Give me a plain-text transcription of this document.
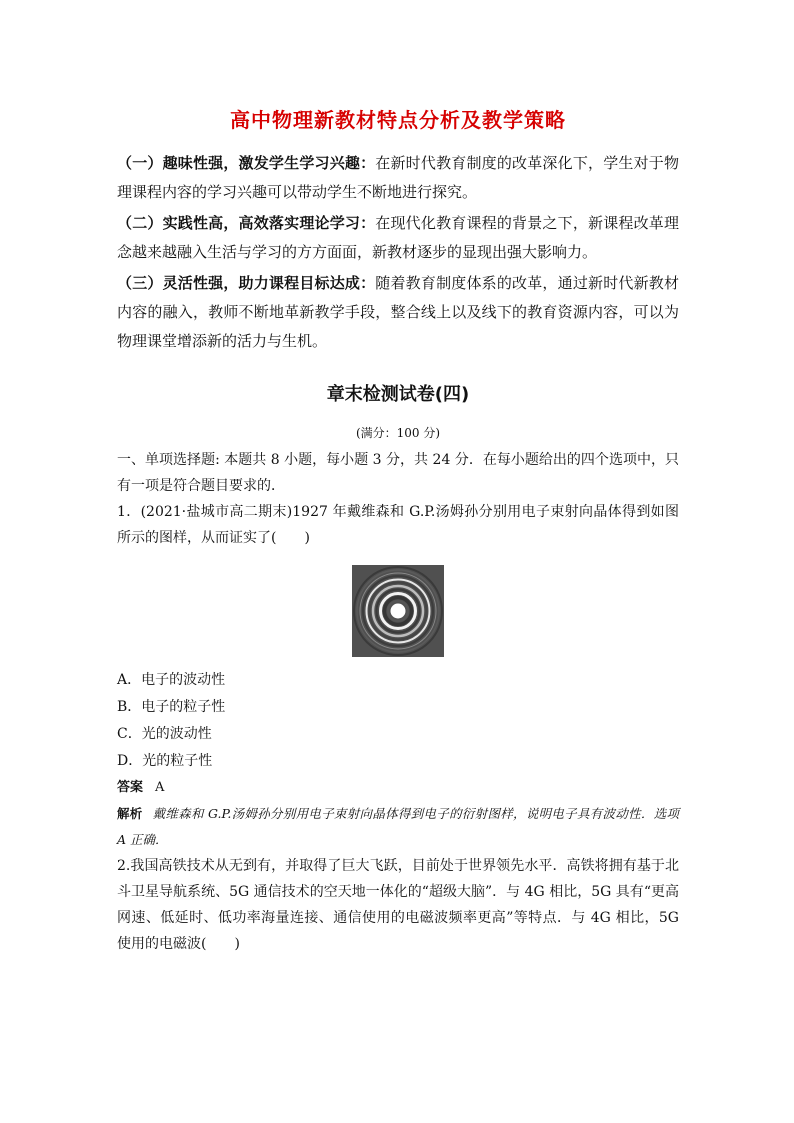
高中物理新教材特点分析及教学策略

（一）趣味性强，激发学生学习兴趣：在新时代教育制度的改革深化下，学生对于物理课程内容的学习兴趣可以带动学生不断地进行探究。

（二）实践性高，高效落实理论学习：在现代化教育课程的背景之下，新课程改革理念越来越融入生活与学习的方方面面，新教材逐步的显现出强大影响力。

（三）灵活性强，助力课程目标达成：随着教育制度体系的改革，通过新时代新教材内容的融入，教师不断地革新教学手段，整合线上以及线下的教育资源内容，可以为物理课堂增添新的活力与生机。

章末检测试卷(四)
(满分：100 分)

一、单项选择题: 本题共 8 小题，每小题 3 分，共 24 分．在每小题给出的四个选项中，只有一项是符合题目要求的．

1．(2021·盐城市高二期末)1927 年戴维森和 G.P.汤姆孙分别用电子束射向晶体得到如图所示的图样，从而证实了(　　)

A．电子的波动性

B．电子的粒子性

C．光的波动性

D．光的粒子性

答案 A

解析 戴维森和 G.P.汤姆孙分别用电子束射向晶体得到电子的衍射图样，说明电子具有波动性．选项 A 正确．

2.我国高铁技术从无到有，并取得了巨大飞跃，目前处于世界领先水平．高铁将拥有基于北斗卫星导航系统、5G 通信技术的空天地一体化的“超级大脑”．与 4G 相比，5G 具有“更高网速、低延时、低功率海量连接、通信使用的电磁波频率更高”等特点．与 4G 相比，5G 使用的电磁波(　　)
